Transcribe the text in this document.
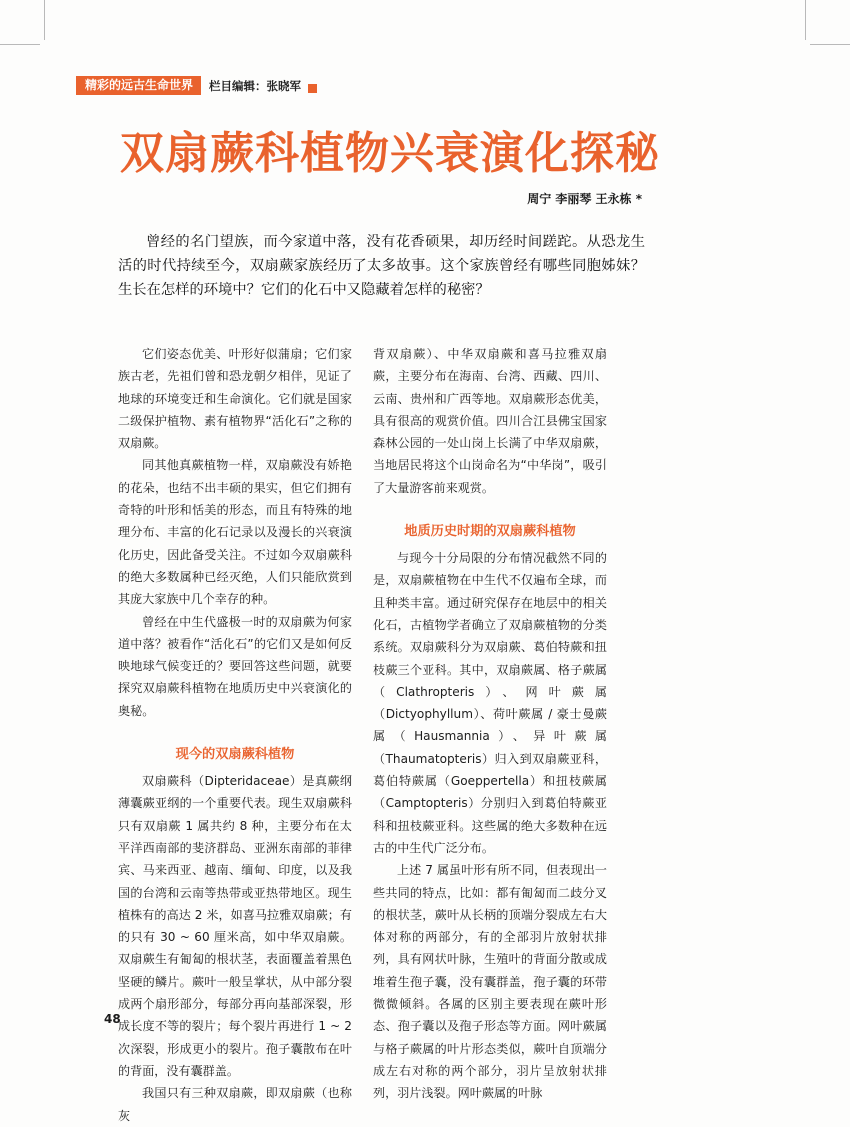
精彩的远古生命世界	栏目编辑：张晓军
双扇蕨科植物兴衰演化探秘
周宁 李丽琴 王永栋 *

曾经的名门望族，而今家道中落，没有花香硕果，却历经时间蹉跎。从恐龙生活的时代持续至今，双扇蕨家族经历了太多故事。这个家族曾经有哪些同胞姊妹？生长在怎样的环境中？它们的化石中又隐藏着怎样的秘密？

它们姿态优美、叶形好似蒲扇；它们家族古老，先祖们曾和恐龙朝夕相伴，见证了地球的环境变迁和生命演化。它们就是国家二级保护植物、素有植物界“活化石”之称的双扇蕨。

同其他真蕨植物一样，双扇蕨没有娇艳的花朵，也结不出丰硕的果实，但它们拥有奇特的叶形和恬美的形态，而且有特殊的地理分布、丰富的化石记录以及漫长的兴衰演化历史，因此备受关注。不过如今双扇蕨科的绝大多数属种已经灭绝，人们只能欣赏到其庞大家族中几个幸存的种。

曾经在中生代盛极一时的双扇蕨为何家道中落？被看作“活化石”的它们又是如何反映地球气候变迁的？要回答这些问题，就要探究双扇蕨科植物在地质历史中兴衰演化的奥秘。

现今的双扇蕨科植物

双扇蕨科（Dipteridaceae）是真蕨纲薄囊蕨亚纲的一个重要代表。现生双扇蕨科只有双扇蕨 1 属共约 8 种，主要分布在太平洋西南部的斐济群岛、亚洲东南部的菲律宾、马来西亚、越南、缅甸、印度，以及我国的台湾和云南等热带或亚热带地区。现生植株有的高达 2 米，如喜马拉雅双扇蕨；有的只有 30 ~ 60 厘米高，如中华双扇蕨。双扇蕨生有匍匐的根状茎，表面覆盖着黑色坚硬的鳞片。蕨叶一般呈掌状，从中部分裂成两个扇形部分，每部分再向基部深裂，形成长度不等的裂片；每个裂片再进行 1 ~ 2 次深裂，形成更小的裂片。孢子囊散布在叶的背面，没有囊群盖。

我国只有三种双扇蕨，即双扇蕨（也称灰

背双扇蕨）、中华双扇蕨和喜马拉雅双扇蕨，主要分布在海南、台湾、西藏、四川、云南、贵州和广西等地。双扇蕨形态优美，具有很高的观赏价值。四川合江县佛宝国家森林公园的一处山岗上长满了中华双扇蕨，当地居民将这个山岗命名为“中华岗”，吸引了大量游客前来观赏。

地质历史时期的双扇蕨科植物

与现今十分局限的分布情况截然不同的是，双扇蕨植物在中生代不仅遍布全球，而且种类丰富。通过研究保存在地层中的相关化石，古植物学者确立了双扇蕨植物的分类系统。双扇蕨科分为双扇蕨、葛伯特蕨和扭枝蕨三个亚科。其中，双扇蕨属、格子蕨属（Clathropteris）、网叶蕨属（Dictyophyllum）、荷叶蕨属 / 豪士曼蕨属（Hausmannia）、异叶蕨属（Thaumatopteris）归入到双扇蕨亚科，葛伯特蕨属（Goeppertella）和扭枝蕨属（Camptopteris）分别归入到葛伯特蕨亚科和扭枝蕨亚科。这些属的绝大多数种在远古的中生代广泛分布。

上述 7 属虽叶形有所不同，但表现出一些共同的特点，比如：都有匍匐而二歧分叉的根状茎，蕨叶从长柄的顶端分裂成左右大体对称的两部分，有的全部羽片放射状排列，具有网状叶脉，生殖叶的背面分散或成堆着生孢子囊，没有囊群盖，孢子囊的环带微微倾斜。各属的区别主要表现在蕨叶形态、孢子囊以及孢子形态等方面。网叶蕨属与格子蕨属的叶片形态类似，蕨叶自顶端分成左右对称的两个部分，羽片呈放射状排列，羽片浅裂。网叶蕨属的叶脉

48
